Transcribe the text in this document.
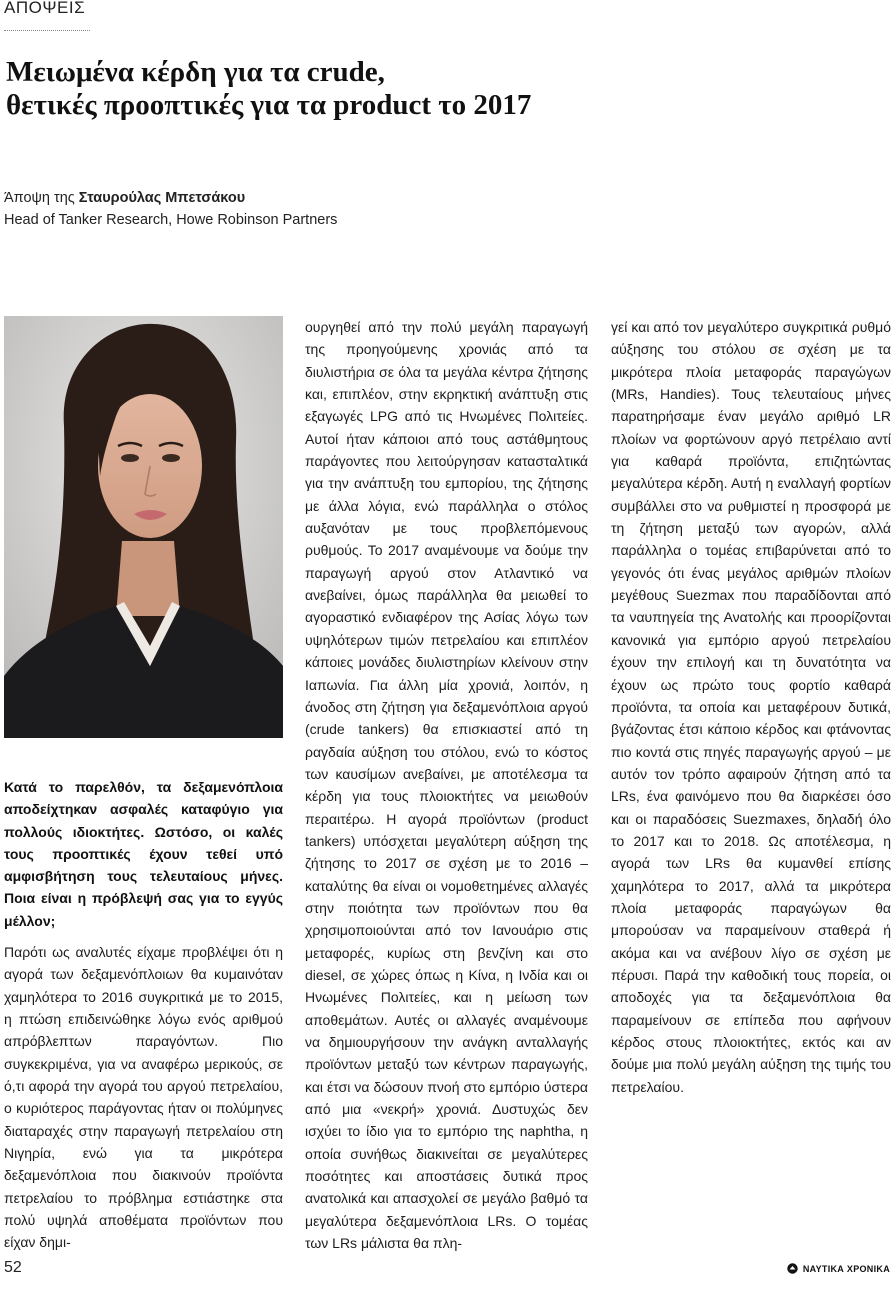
ΑΠΟΨΕΙΣ
Μειωμένα κέρδη για τα crude,
θετικές προοπτικές για τα product το 2017
Άποψη της Σταυρούλας Μπετσάκου
Head of Tanker Research, Howe Robinson Partners

Κατά το παρελθόν, τα δεξαμενόπλοια αποδείχτηκαν ασφαλές καταφύγιο για πολλούς ιδιοκτήτες. Ωστόσο, οι καλές τους προοπτικές έχουν τεθεί υπό αμφισβήτηση τους τελευταίους μήνες. Ποια είναι η πρόβλεψή σας για το εγγύς μέλλον;

Παρότι ως αναλυτές είχαμε προβλέψει ότι η αγορά των δεξαμενόπλοιων θα κυμαινόταν χαμηλότερα το 2016 συγκριτικά με το 2015, η πτώση επιδεινώθηκε λόγω ενός αριθμού απρόβλεπτων παραγόντων. Πιο συγκεκριμένα, για να αναφέρω μερικούς, σε ό,τι αφορά την αγορά του αργού πετρελαίου, ο κυριότερος παράγοντας ήταν οι πολύμηνες διαταραχές στην παραγωγή πετρελαίου στη Νιγηρία, ενώ για τα μικρότερα δεξαμενόπλοια που διακινούν προϊόντα πετρελαίου το πρόβλημα εστιάστηκε στα πολύ υψηλά αποθέματα προϊόντων που είχαν δημι-

ουργηθεί από την πολύ μεγάλη παραγωγή της προηγούμενης χρονιάς από τα διυλιστήρια σε όλα τα μεγάλα κέντρα ζήτησης και, επιπλέον, στην εκρηκτική ανάπτυξη στις εξαγωγές LPG από τις Ηνωμένες Πολιτείες. Αυτοί ήταν κάποιοι από τους αστάθμητους παράγοντες που λειτούργησαν κατασταλτικά για την ανάπτυξη του εμπορίου, της ζήτησης με άλλα λόγια, ενώ παράλληλα ο στόλος αυξανόταν με τους προβλεπόμενους ρυθμούς. Το 2017 αναμένουμε να δούμε την παραγωγή αργού στον Ατλαντικό να ανεβαίνει, όμως παράλληλα θα μειωθεί το αγοραστικό ενδιαφέρον της Ασίας λόγω των υψηλότερων τιμών πετρελαίου και επιπλέον κάποιες μονάδες διυλιστηρίων κλείνουν στην Ιαπωνία. Για άλλη μία χρονιά, λοιπόν, η άνοδος στη ζήτηση για δεξαμενόπλοια αργού (crude tankers) θα επισκιαστεί από τη ραγδαία αύξηση του στόλου, ενώ το κόστος των καυσίμων ανεβαίνει, με αποτέλεσμα τα κέρδη για τους πλοιοκτήτες να μειωθούν περαιτέρω. Η αγορά προϊόντων (product tankers) υπόσχεται μεγαλύτερη αύξηση της ζήτησης το 2017 σε σχέση με το 2016 – καταλύτης θα είναι οι νομοθετημένες αλλαγές στην ποιότητα των προϊόντων που θα χρησιμοποιούνται από τον Ιανουάριο στις μεταφορές, κυρίως στη βενζίνη και στο diesel, σε χώρες όπως η Κίνα, η Ινδία και οι Ηνωμένες Πολιτείες, και η μείωση των αποθεμάτων. Αυτές οι αλλαγές αναμένουμε να δημιουργήσουν την ανάγκη ανταλλαγής προϊόντων μεταξύ των κέντρων παραγωγής, και έτσι να δώσουν πνοή στο εμπόριο ύστερα από μια «νεκρή» χρονιά. Δυστυχώς δεν ισχύει το ίδιο για το εμπόριο της naphtha, η οποία συνήθως διακινείται σε μεγαλύτερες ποσότητες και αποστάσεις δυτικά προς ανατολικά και απασχολεί σε μεγάλο βαθμό τα μεγαλύτερα δεξαμενόπλοια LRs. Ο τομέας των LRs μάλιστα θα πλη-

γεί και από τον μεγαλύτερο συγκριτικά ρυθμό αύξησης του στόλου σε σχέση με τα μικρότερα πλοία μεταφοράς παραγώγων (MRs, Handies). Τους τελευταίους μήνες παρατηρήσαμε έναν μεγάλο αριθμό LR πλοίων να φορτώνουν αργό πετρέλαιο αντί για καθαρά προϊόντα, επιζητώντας μεγαλύτερα κέρδη. Αυτή η εναλλαγή φορτίων συμβάλλει στο να ρυθμιστεί η προσφορά με τη ζήτηση μεταξύ των αγορών, αλλά παράλληλα ο τομέας επιβαρύνεται από το γεγονός ότι ένας μεγάλος αριθμών πλοίων μεγέθους Suezmax που παραδίδονται από τα ναυπηγεία της Ανατολής και προορίζονται κανονικά για εμπόριο αργού πετρελαίου έχουν την επιλογή και τη δυνατότητα να έχουν ως πρώτο τους φορτίο καθαρά προϊόντα, τα οποία και μεταφέρουν δυτικά, βγάζοντας έτσι κάποιο κέρδος και φτάνοντας πιο κοντά στις πηγές παραγωγής αργού – με αυτόν τον τρόπο αφαιρούν ζήτηση από τα LRs, ένα φαινόμενο που θα διαρκέσει όσο και οι παραδόσεις Suezmaxes, δηλαδή όλο το 2017 και το 2018. Ως αποτέλεσμα, η αγορά των LRs θα κυμανθεί επίσης χαμηλότερα το 2017, αλλά τα μικρότερα πλοία μεταφοράς παραγώγων θα μπορούσαν να παραμείνουν σταθερά ή ακόμα και να ανέβουν λίγο σε σχέση με πέρυσι. Παρά την καθοδική τους πορεία, οι αποδοχές για τα δεξαμενόπλοια θα παραμείνουν σε επίπεδα που αφήνουν κέρδος στους πλοιοκτήτες, εκτός και αν δούμε μια πολύ μεγάλη αύξηση της τιμής του πετρελαίου.

52	ΝΑΥΤΙΚΑ ΧΡΟΝΙΚΑ
